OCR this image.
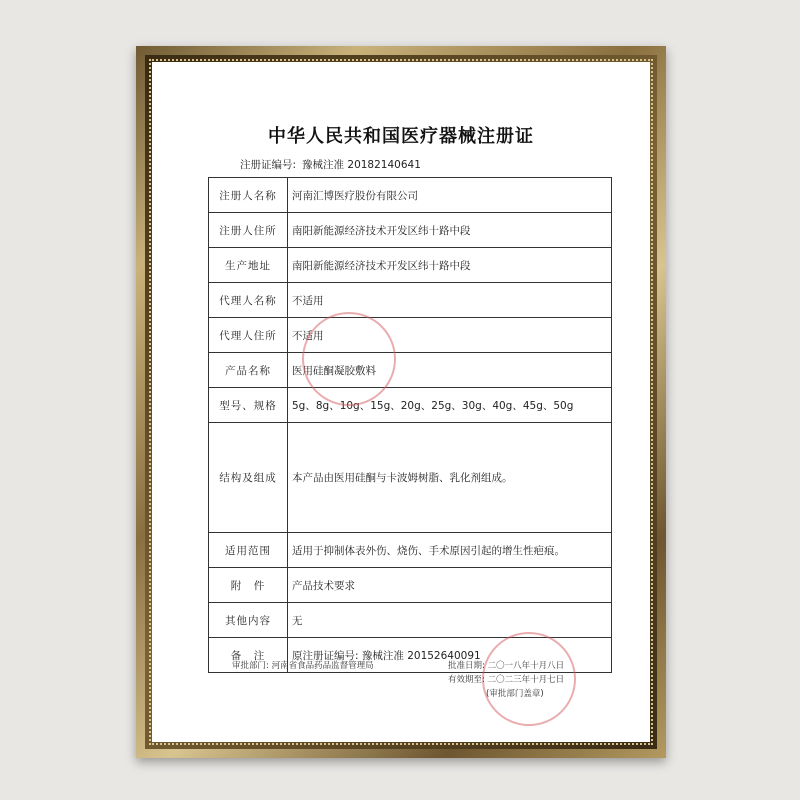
中华人民共和国医疗器械注册证
注册证编号: 豫械注准 20182140641
注册人名称	河南汇博医疗股份有限公司
注册人住所	南阳新能源经济技术开发区纬十路中段
生产地址	南阳新能源经济技术开发区纬十路中段
代理人名称	不适用
代理人住所	不适用
产品名称	医用硅酮凝胶敷料
型号、规格	5g、8g、10g、15g、20g、25g、30g、40g、45g、50g
结构及组成	本产品由医用硅酮与卡波姆树脂、乳化剂组成。
适用范围	适用于抑制体表外伤、烧伤、手术原因引起的增生性疤痕。
附　件	产品技术要求
其他内容	无
备　注	原注册证编号: 豫械注准 20152640091
审批部门: 河南省食品药品监督管理局	批准日期: 二〇一八年十月八日
有效期至: 二〇二三年十月七日
(审批部门盖章)
